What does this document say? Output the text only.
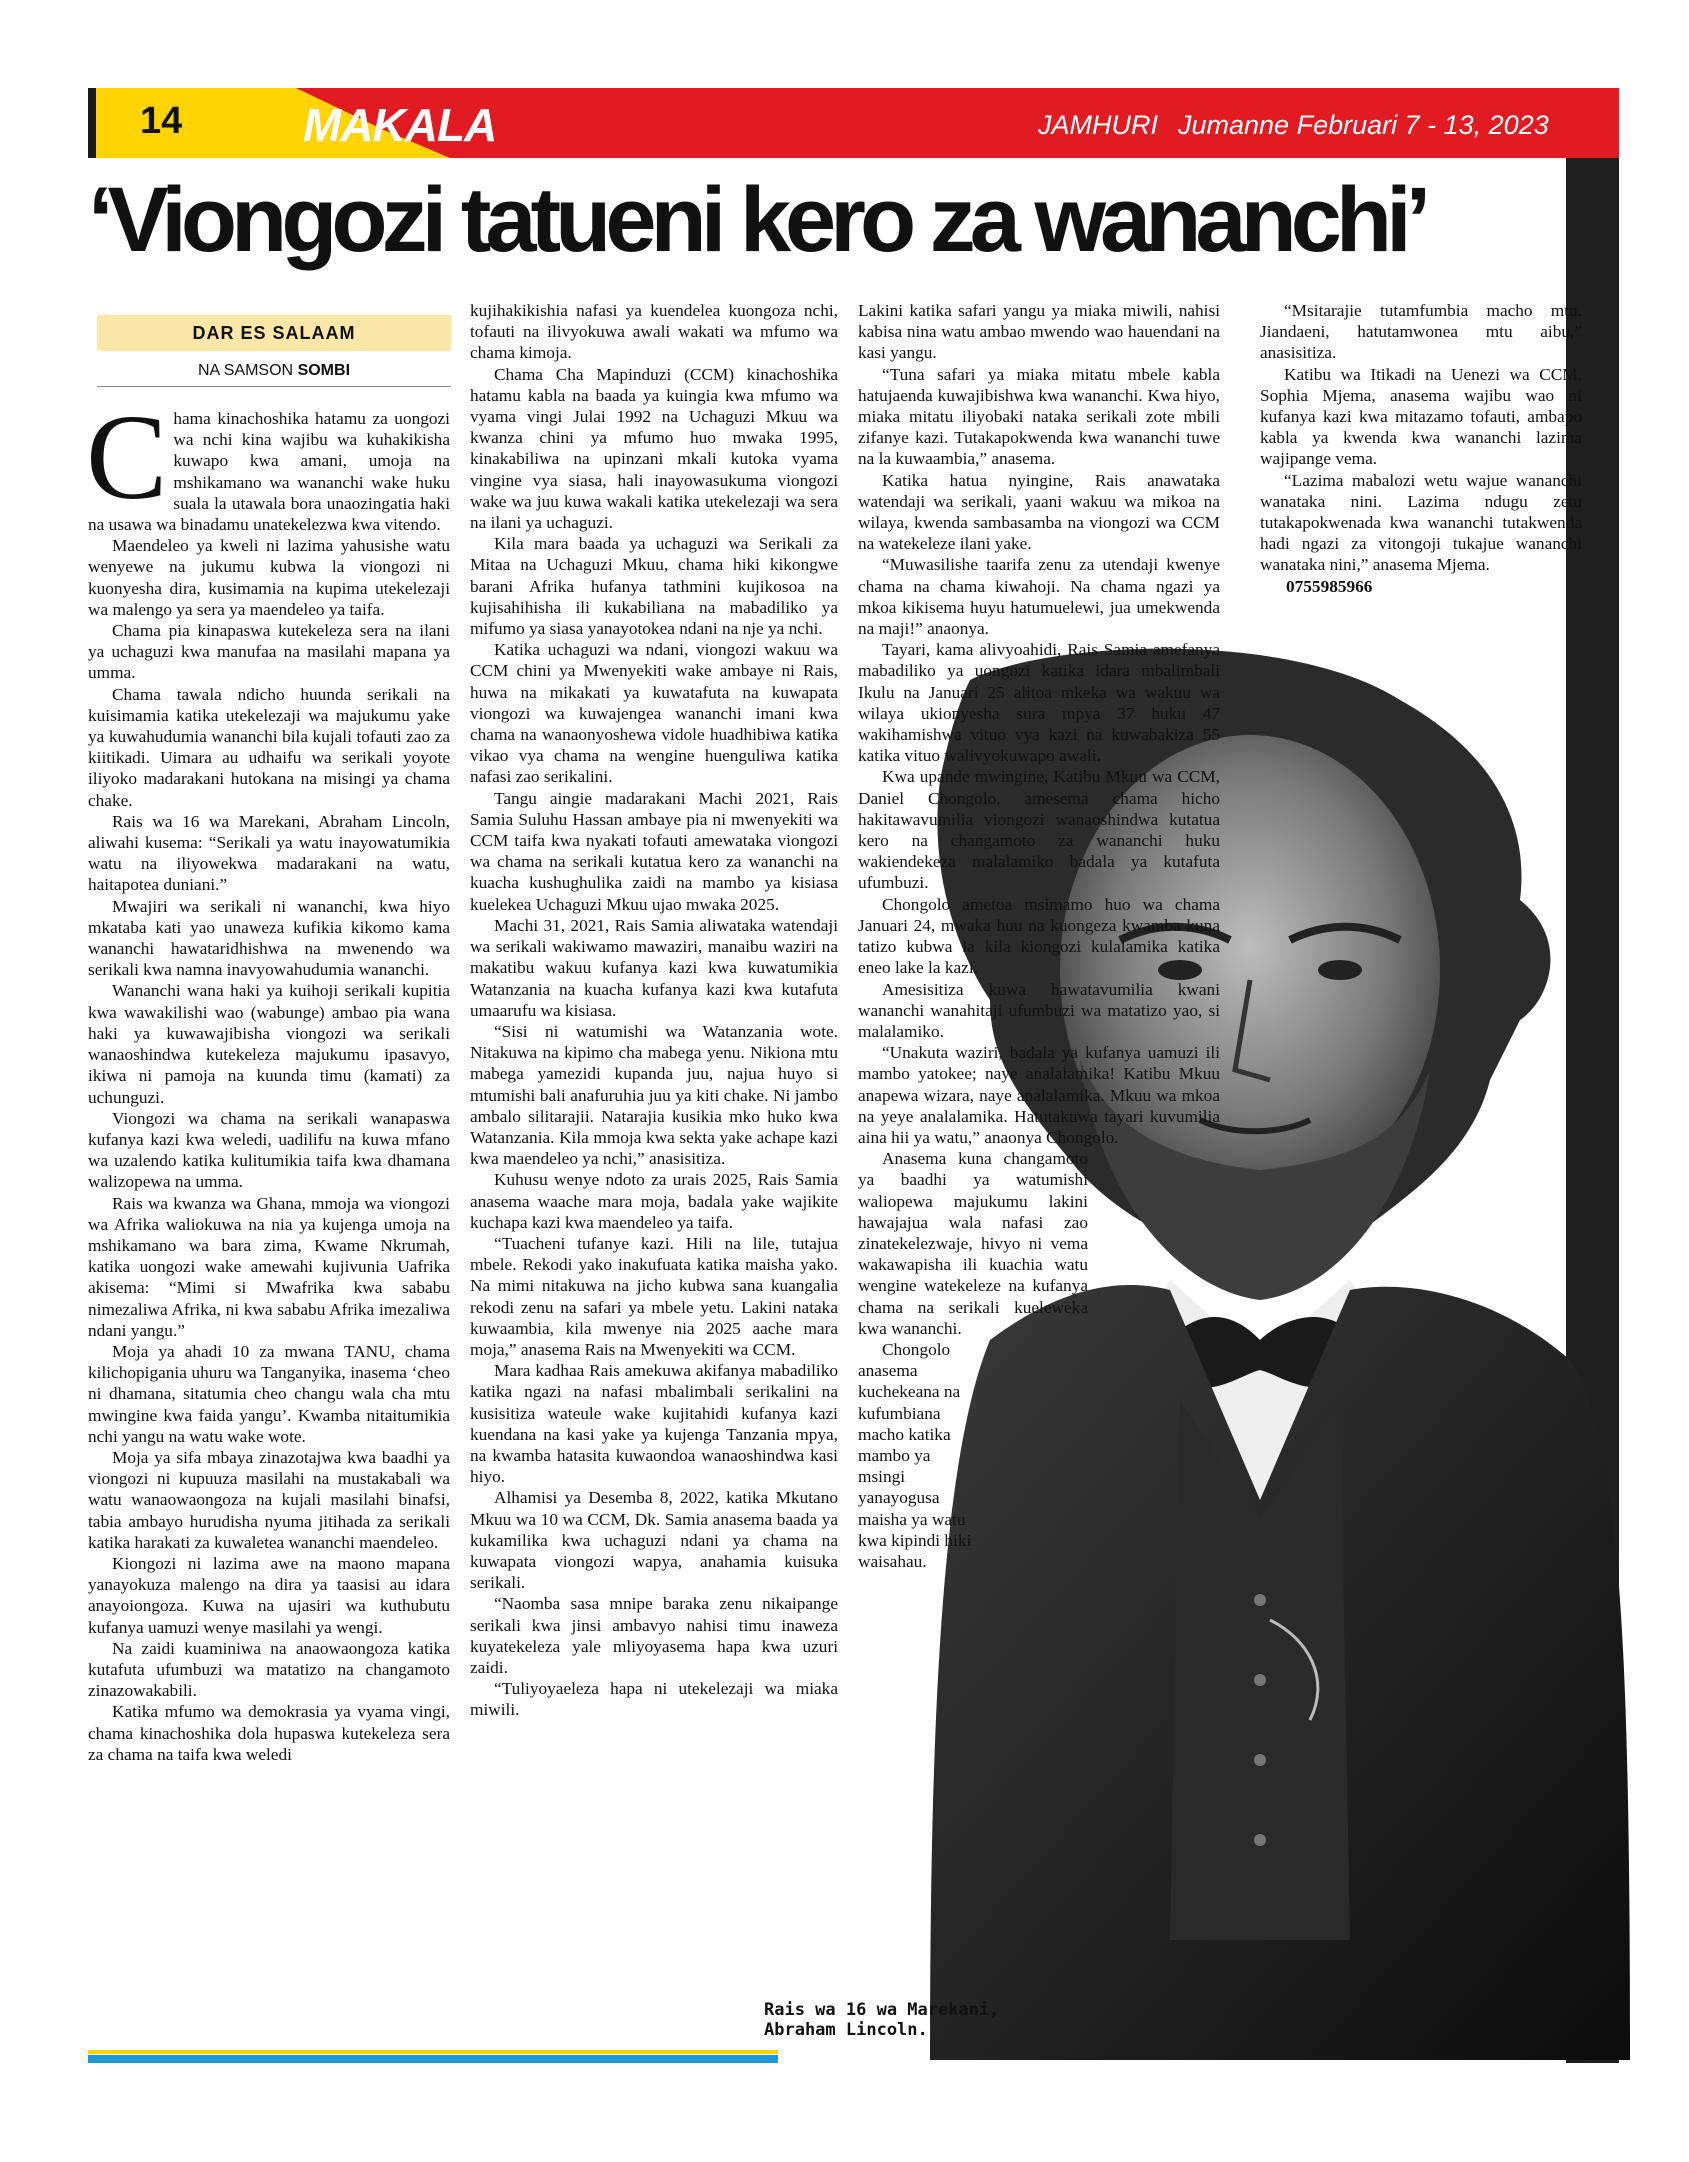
14	MAKALA	JAMHURI Jumanne Februari 7 - 13, 2023
‘Viongozi tatueni kero za wananchi’
DAR ES SALAAM
NA SAMSON SOMBI

Chama kinachoshika hatamu za uongozi wa nchi kina wajibu wa kuhakikisha kuwapo kwa amani, umoja na mshikamano wa wananchi wake huku suala la utawala bora unaozingatia haki na usawa wa binadamu unatekelezwa kwa vitendo.

Maendeleo ya kweli ni lazima yahusishe watu wenyewe na jukumu kubwa la viongozi ni kuonyesha dira, kusimamia na kupima utekelezaji wa malengo ya sera ya maendeleo ya taifa.

Chama pia kinapaswa kutekeleza sera na ilani ya uchaguzi kwa manufaa na masilahi mapana ya umma.

Chama tawala ndicho huunda serikali na kuisimamia katika utekelezaji wa majukumu yake ya kuwahudumia wananchi bila kujali tofauti zao za kiitikadi. Uimara au udhaifu wa serikali yoyote iliyoko madarakani hutokana na misingi ya chama chake.

Rais wa 16 wa Marekani, Abraham Lincoln, aliwahi kusema: “Serikali ya watu inayowatumikia watu na iliyowekwa madarakani na watu, haitapotea duniani.”

Mwajiri wa serikali ni wananchi, kwa hiyo mkataba kati yao unaweza kufikia kikomo kama wananchi hawataridhishwa na mwenendo wa serikali kwa namna inavyowahudumia wananchi.

Wananchi wana haki ya kuihoji serikali kupitia kwa wawakilishi wao (wabunge) ambao pia wana haki ya kuwawajibisha viongozi wa serikali wanaoshindwa kutekeleza majukumu ipasavyo, ikiwa ni pamoja na kuunda timu (kamati) za uchunguzi.

Viongozi wa chama na serikali wanapaswa kufanya kazi kwa weledi, uadilifu na kuwa mfano wa uzalendo katika kulitumikia taifa kwa dhamana walizopewa na umma.

Rais wa kwanza wa Ghana, mmoja wa viongozi wa Afrika waliokuwa na nia ya kujenga umoja na mshikamano wa bara zima, Kwame Nkrumah, katika uongozi wake amewahi kujivunia Uafrika akisema: “Mimi si Mwafrika kwa sababu nimezaliwa Afrika, ni kwa sababu Afrika imezaliwa ndani yangu.”

Moja ya ahadi 10 za mwana TANU, chama kilichopigania uhuru wa Tanganyika, inasema ‘cheo ni dhamana, sitatumia cheo changu wala cha mtu mwingine kwa faida yangu’. Kwamba nitaitumikia nchi yangu na watu wake wote.

Moja ya sifa mbaya zinazotajwa kwa baadhi ya viongozi ni kupuuza masilahi na mustakabali wa watu wanaowaongoza na kujali masilahi binafsi, tabia ambayo hurudisha nyuma jitihada za serikali katika harakati za kuwaletea wananchi maendeleo.

Kiongozi ni lazima awe na maono mapana yanayokuza malengo na dira ya taasisi au idara anayoiongoza. Kuwa na ujasiri wa kuthubutu kufanya uamuzi wenye masilahi ya wengi.

Na zaidi kuaminiwa na anaowaongoza katika kutafuta ufumbuzi wa matatizo na changamoto zinazowakabili.

Katika mfumo wa demokrasia ya vyama vingi, chama kinachoshika dola hupaswa kutekeleza sera za chama na taifa kwa weledi

kujihakikishia nafasi ya kuendelea kuongoza nchi, tofauti na ilivyokuwa awali wakati wa mfumo wa chama kimoja.

Chama Cha Mapinduzi (CCM) kinachoshika hatamu kabla na baada ya kuingia kwa mfumo wa vyama vingi Julai 1992 na Uchaguzi Mkuu wa kwanza chini ya mfumo huo mwaka 1995, kinakabiliwa na upinzani mkali kutoka vyama vingine vya siasa, hali inayowasukuma viongozi wake wa juu kuwa wakali katika utekelezaji wa sera na ilani ya uchaguzi.

Kila mara baada ya uchaguzi wa Serikali za Mitaa na Uchaguzi Mkuu, chama hiki kikongwe barani Afrika hufanya tathmini kujikosoa na kujisahihisha ili kukabiliana na mabadiliko ya mifumo ya siasa yanayotokea ndani na nje ya nchi.

Katika uchaguzi wa ndani, viongozi wakuu wa CCM chini ya Mwenyekiti wake ambaye ni Rais, huwa na mikakati ya kuwatafuta na kuwapata viongozi wa kuwajengea wananchi imani kwa chama na wanaonyoshewa vidole huadhibiwa katika vikao vya chama na wengine huenguliwa katika nafasi zao serikalini.

Tangu aingie madarakani Machi 2021, Rais Samia Suluhu Hassan ambaye pia ni mwenyekiti wa CCM taifa kwa nyakati tofauti amewataka viongozi wa chama na serikali kutatua kero za wananchi na kuacha kushughulika zaidi na mambo ya kisiasa kuelekea Uchaguzi Mkuu ujao mwaka 2025.

Machi 31, 2021, Rais Samia aliwataka watendaji wa serikali wakiwamo mawaziri, manaibu waziri na makatibu wakuu kufanya kazi kwa kuwatumikia Watanzania na kuacha kufanya kazi kwa kutafuta umaarufu wa kisiasa.

“Sisi ni watumishi wa Watanzania wote. Nitakuwa na kipimo cha mabega yenu. Nikiona mtu mabega yamezidi kupanda juu, najua huyo si mtumishi bali anafuruhia juu ya kiti chake. Ni jambo ambalo silitarajii. Natarajia kusikia mko huko kwa Watanzania. Kila mmoja kwa sekta yake achape kazi kwa maendeleo ya nchi,” anasisitiza.

Kuhusu wenye ndoto za urais 2025, Rais Samia anasema waache mara moja, badala yake wajikite kuchapa kazi kwa maendeleo ya taifa.

“Tuacheni tufanye kazi. Hili na lile, tutajua mbele. Rekodi yako inakufuata katika maisha yako. Na mimi nitakuwa na jicho kubwa sana kuangalia rekodi zenu na safari ya mbele yetu. Lakini nataka kuwaambia, kila mwenye nia 2025 aache mara moja,” anasema Rais na Mwenyekiti wa CCM.

Mara kadhaa Rais amekuwa akifanya mabadiliko katika ngazi na nafasi mbalimbali serikalini na kusisitiza wateule wake kujitahidi kufanya kazi kuendana na kasi yake ya kujenga Tanzania mpya, na kwamba hatasita kuwaondoa wanaoshindwa kasi hiyo.

Alhamisi ya Desemba 8, 2022, katika Mkutano Mkuu wa 10 wa CCM, Dk. Samia anasema baada ya kukamilika kwa uchaguzi ndani ya chama na kuwapata viongozi wapya, anahamia kuisuka serikali.

“Naomba sasa mnipe baraka zenu nikaipange serikali kwa jinsi ambavyo nahisi timu inaweza kuyatekeleza yale mliyoyasema hapa kwa uzuri zaidi.

“Tuliyoyaeleza hapa ni utekelezaji wa miaka miwili.

Lakini katika safari yangu ya miaka miwili, nahisi kabisa nina watu ambao mwendo wao hauendani na kasi yangu.

“Tuna safari ya miaka mitatu mbele kabla hatujaenda kuwajibishwa kwa wananchi. Kwa hiyo, miaka mitatu iliyobaki nataka serikali zote mbili zifanye kazi. Tutakapokwenda kwa wananchi tuwe na la kuwaambia,” anasema.

Katika hatua nyingine, Rais anawataka watendaji wa serikali, yaani wakuu wa mikoa na wilaya, kwenda sambasamba na viongozi wa CCM na watekeleze ilani yake.

“Muwasilishe taarifa zenu za utendaji kwenye chama na chama kiwahoji. Na chama ngazi ya mkoa kikisema huyu hatumuelewi, jua umekwenda na maji!” anaonya.

Tayari, kama alivyoahidi, Rais Samia amefanya mabadiliko ya uongozi katika idara mbalimbali Ikulu na Januari 25 alitoa mkeka wa wakuu wa wilaya ukionyesha sura mpya 37 huku 47 wakihamishwa vituo vya kazi na kuwabakiza 55 katika vituo walivyokuwapo awali.

Kwa upande mwingine, Katibu Mkuu wa CCM, Daniel Chongolo, amesema chama hicho hakitawavumilia viongozi wanaoshindwa kutatua kero na changamoto za wananchi huku wakiendekeza malalamiko badala ya kutafuta ufumbuzi.

Chongolo ametoa msimamo huo wa chama Januari 24, mwaka huu na kuongeza kwamba kuna tatizo kubwa la kila kiongozi kulalamika katika eneo lake la kazi.

Amesisitiza kuwa hawatavumilia kwani wananchi wanahitaji ufumbuzi wa matatizo yao, si malalamiko.

“Unakuta waziri, badala ya kufanya uamuzi ili mambo yatokee; naye analalamika! Katibu Mkuu anapewa wizara, naye analalamika. Mkuu wa mkoa na yeye analalamika. Hatutakuwa tayari kuvumilia aina hii ya watu,” anaonya Chongolo.

Anasema kuna changamoto ya baadhi ya watumishi waliopewa majukumu lakini hawajajua wala nafasi zao zinatekelezwaje, hivyo ni vema wakawapisha ili kuachia watu wengine watekeleze na kufanya chama na serikali kueleweka kwa wananchi.

Chongolo anasema kuchekeana na kufumbiana macho katika mambo ya msingi yanayogusa maisha ya watu kwa kipindi hiki waisahau.

“Msitarajie tutamfumbia macho mtu. Jiandaeni, hatutamwonea mtu aibu,” anasisitiza.

Katibu wa Itikadi na Uenezi wa CCM, Sophia Mjema, anasema wajibu wao ni kufanya kazi kwa mitazamo tofauti, ambapo kabla ya kwenda kwa wananchi lazima wajipange vema.

“Lazima mabalozi wetu wajue wananchi wanataka nini. Lazima ndugu zetu tutakapokwenada kwa wananchi tutakwenda hadi ngazi za vitongoji tukajue wananchi wanataka nini,” anasema Mjema.

0755985966
Rais wa 16 wa Marekani,
Abraham Lincoln.
